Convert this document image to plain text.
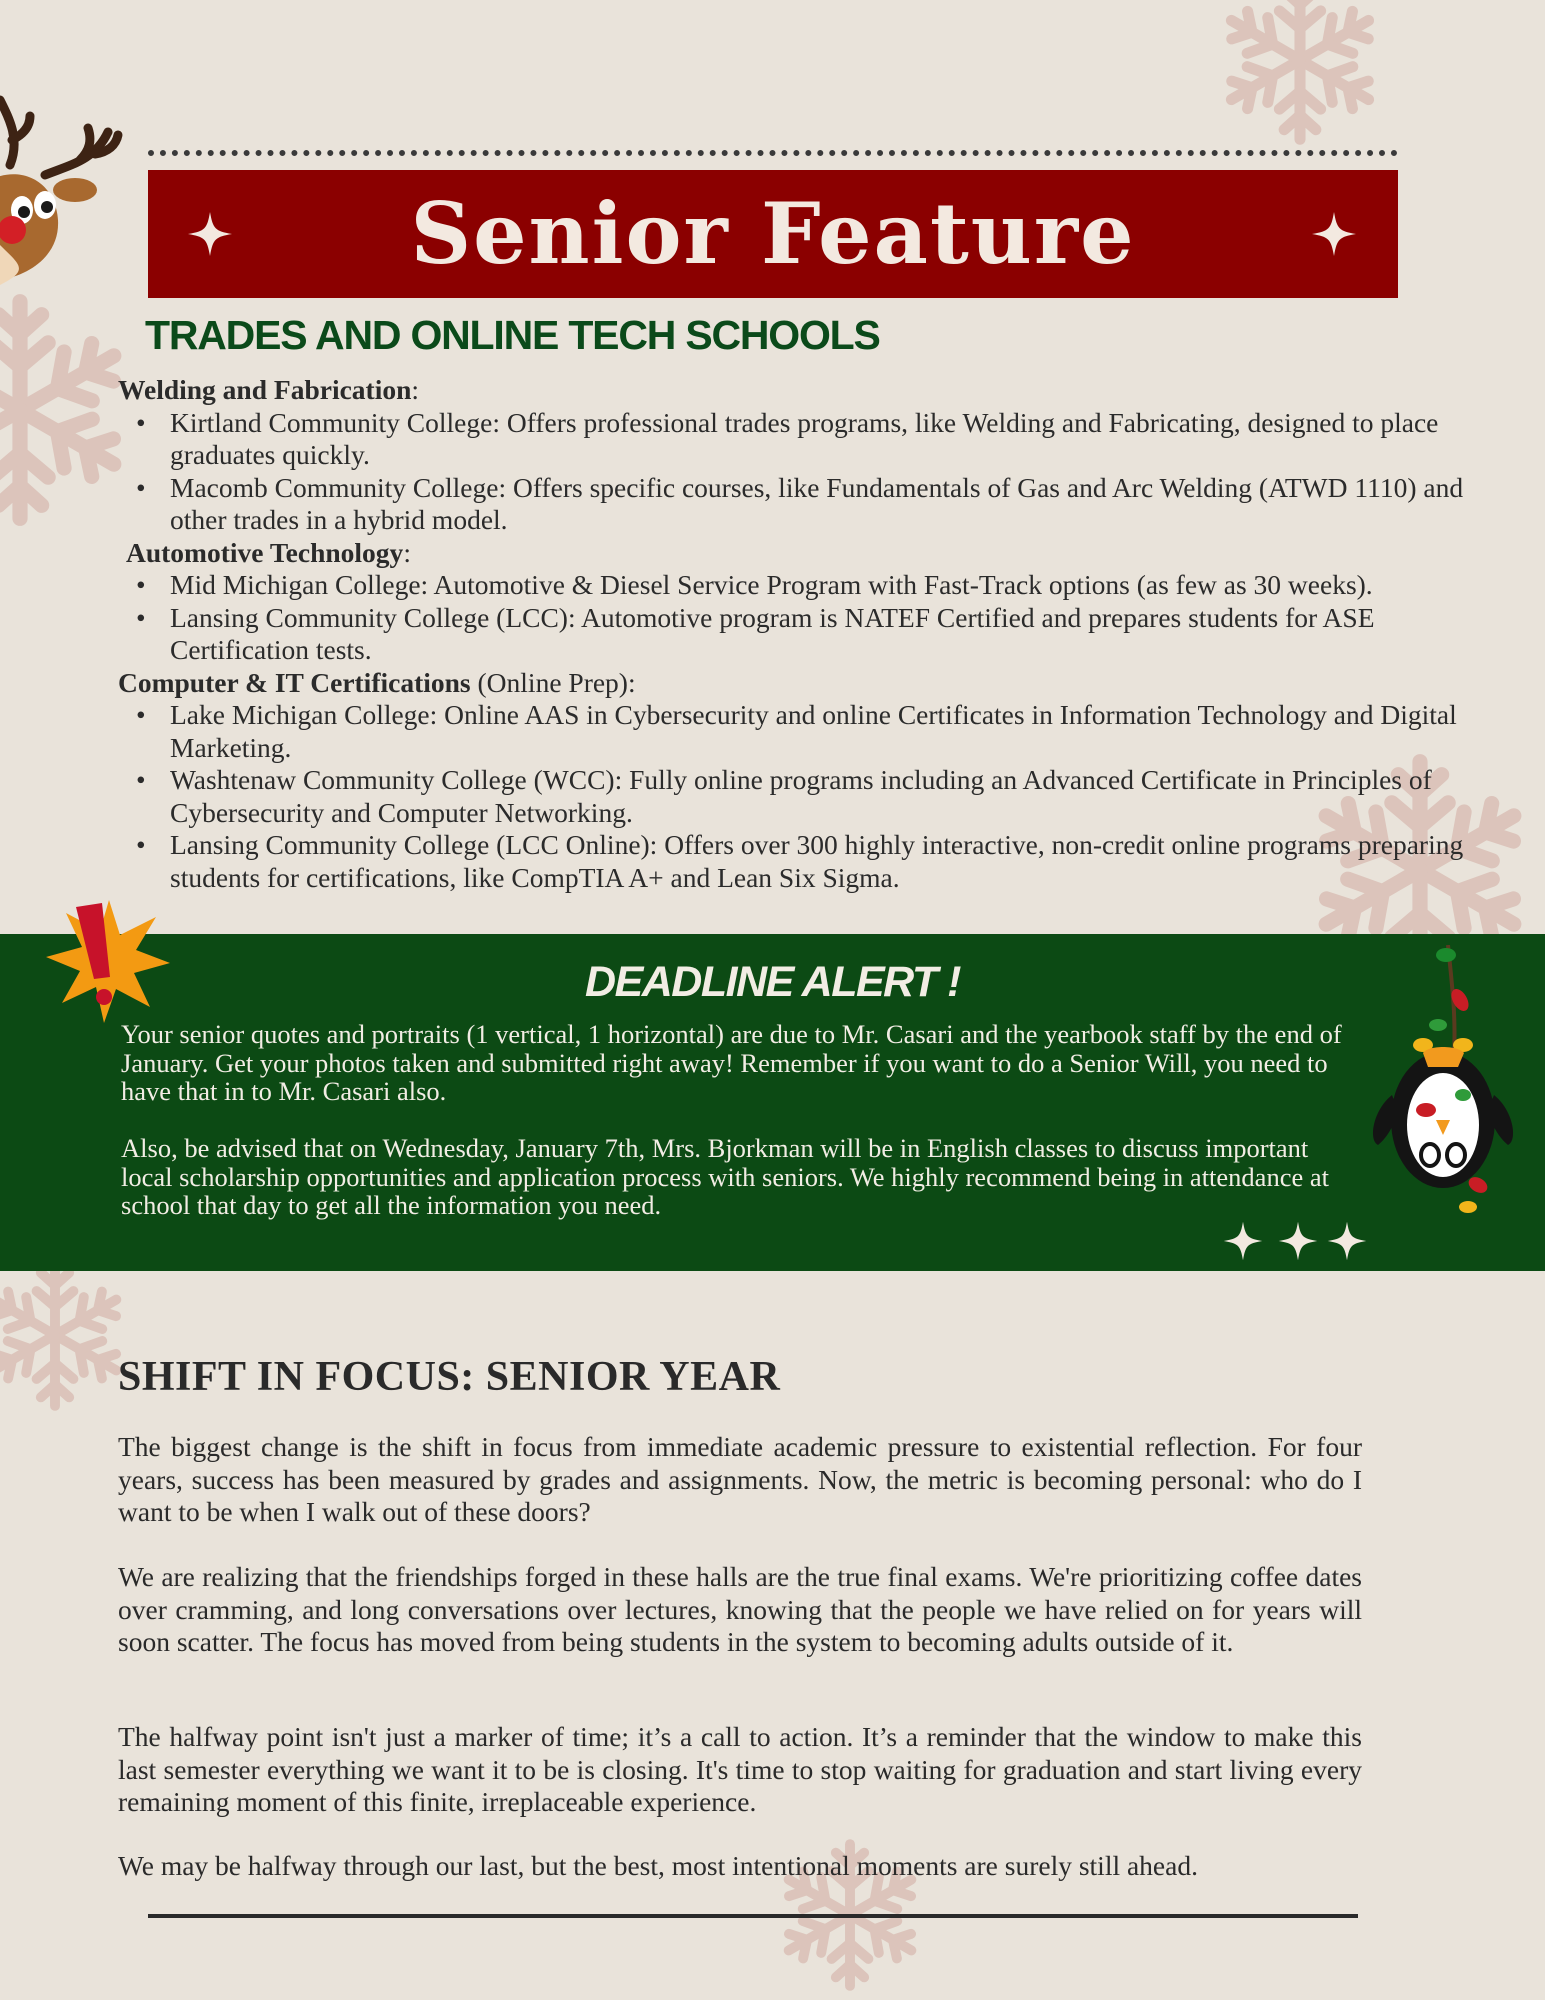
Senior Feature
TRADES AND ONLINE TECH SCHOOLS

Welding and Fabrication:

• Kirtland Community College: Offers professional trades programs, like Welding and Fabricating, designed to place graduates quickly.
• Macomb Community College: Offers specific courses, like Fundamentals of Gas and Arc Welding (ATWD 1110) and other trades in a hybrid model.

Automotive Technology:

• Mid Michigan College: Automotive & Diesel Service Program with Fast-Track options (as few as 30 weeks).
• Lansing Community College (LCC): Automotive program is NATEF Certified and prepares students for ASE Certification tests.

Computer & IT Certifications (Online Prep):

• Lake Michigan College: Online AAS in Cybersecurity and online Certificates in Information Technology and Digital Marketing.
• Washtenaw Community College (WCC): Fully online programs including an Advanced Certificate in Principles of Cybersecurity and Computer Networking.
• Lansing Community College (LCC Online): Offers over 300 highly interactive, non-credit online programs preparing students for certifications, like CompTIA A+ and Lean Six Sigma.
DEADLINE ALERT !

Your senior quotes and portraits (1 vertical, 1 horizontal) are due to Mr. Casari and the yearbook staff by the end of January. Get your photos taken and submitted right away! Remember if you want to do a Senior Will, you need to have that in to Mr. Casari also.

Also, be advised that on Wednesday, January 7th, Mrs. Bjorkman will be in English classes to discuss important local scholarship opportunities and application process with seniors. We highly recommend being in attendance at school that day to get all the information you need.

SHIFT IN FOCUS: SENIOR YEAR

The biggest change is the shift in focus from immediate academic pressure to existential reflection. For four years, success has been measured by grades and assignments. Now, the metric is becoming personal: who do I want to be when I walk out of these doors?

We are realizing that the friendships forged in these halls are the true final exams. We're prioritizing coffee dates over cramming, and long conversations over lectures, knowing that the people we have relied on for years will soon scatter. The focus has moved from being students in the system to becoming adults outside of it.

The halfway point isn't just a marker of time; it’s a call to action. It’s a reminder that the window to make this last semester everything we want it to be is closing. It's time to stop waiting for graduation and start living every remaining moment of this finite, irreplaceable experience.

We may be halfway through our last, but the best, most intentional moments are surely still ahead.
